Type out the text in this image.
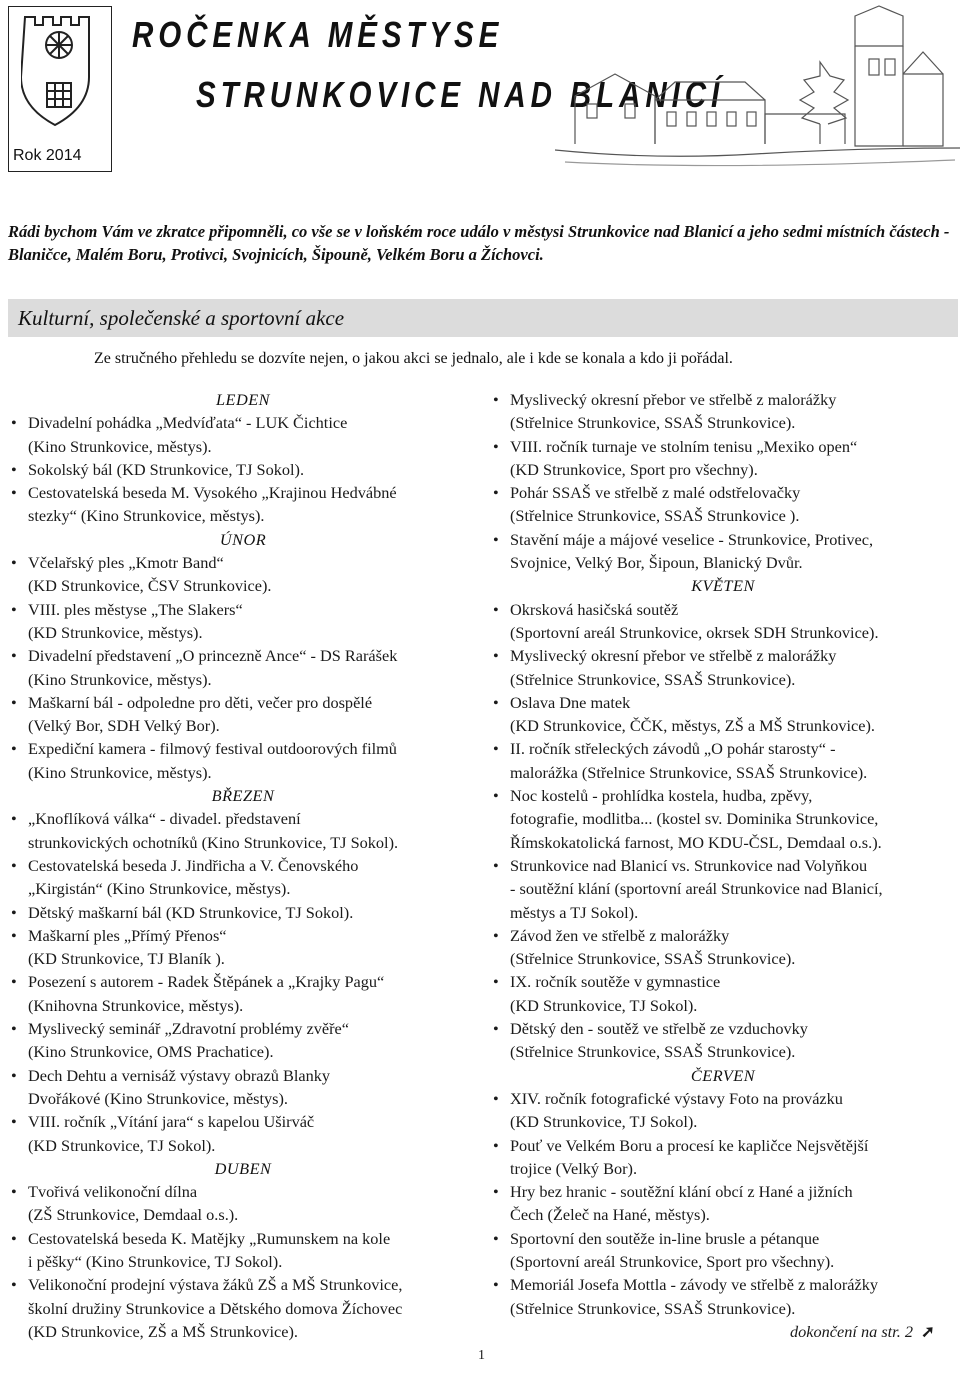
Rok 2014
ROČENKA MĚSTYSE
STRUNKOVICE NAD BLANICÍ
Rádi bychom Vám ve zkratce připomněli, co vše se v loňském roce událo v městysi Strunkovice nad Blanicí a jeho sedmi místních částech - Blaničce, Malém Boru, Protivci, Svojnicích, Šipouně, Velkém Boru a Žíchovci.
Kulturní, společenské a sportovní akce
Ze stručného přehledu se dozvíte nejen, o jakou akci se jednalo, ale i kde se konala a kdo ji pořádal.
LEDEN
• Divadelní pohádka „Medvíďata“ - LUK Čichtice
(Kino Strunkovice, městys).
• Sokolský bál (KD Strunkovice, TJ Sokol).
• Cestovatelská beseda M. Vysokého „Krajinou Hedvábné
stezky“ (Kino Strunkovice, městys).
ÚNOR
• Včelařský ples „Kmotr Band“
(KD Strunkovice, ČSV Strunkovice).
• VIII. ples městyse „The Slakers“
(KD Strunkovice, městys).
• Divadelní představení „O princezně Ance“ - DS Rarášek
(Kino Strunkovice, městys).
• Maškarní bál - odpoledne pro děti, večer pro dospělé
(Velký Bor, SDH Velký Bor).
• Expediční kamera - filmový festival outdoorových filmů
(Kino Strunkovice, městys).
BŘEZEN
• „Knoflíková válka“ - divadel. představení
strunkovických ochotníků (Kino Strunkovice, TJ Sokol).
• Cestovatelská beseda J. Jindřicha a V. Čenovského
„Kirgistán“ (Kino Strunkovice, městys).
• Dětský maškarní bál (KD Strunkovice, TJ Sokol).
• Maškarní ples „Přímý Přenos“
(KD Strunkovice, TJ Blaník ).
• Posezení s autorem - Radek Štěpánek a „Krajky Pagu“
(Knihovna Strunkovice, městys).
• Myslivecký seminář „Zdravotní problémy zvěře“
(Kino Strunkovice, OMS Prachatice).
• Dech Dehtu a vernisáž výstavy obrazů Blanky
Dvořákové (Kino Strunkovice, městys).
• VIII. ročník „Vítání jara“ s kapelou Uširváč
(KD Strunkovice, TJ Sokol).
DUBEN
• Tvořivá velikonoční dílna
(ZŠ Strunkovice, Demdaal o.s.).
• Cestovatelská beseda K. Matějky „Rumunskem na kole
i pěšky“ (Kino Strunkovice, TJ Sokol).
• Velikonoční prodejní výstava žáků ZŠ a MŠ Strunkovice,
školní družiny Strunkovice a Dětského domova Žíchovec
(KD Strunkovice, ZŠ a MŠ Strunkovice).
• Myslivecký okresní přebor ve střelbě z malorážky
(Střelnice Strunkovice, SSAŠ Strunkovice).
• VIII. ročník turnaje ve stolním tenisu „Mexiko open“
(KD Strunkovice, Sport pro všechny).
• Pohár SSAŠ ve střelbě z malé odstřelovačky
(Střelnice Strunkovice, SSAŠ Strunkovice ).
• Stavění máje a májové veselice - Strunkovice, Protivec,
Svojnice, Velký Bor, Šipoun, Blanický Dvůr.
KVĚTEN
• Okrsková hasičská soutěž
(Sportovní areál Strunkovice, okrsek SDH Strunkovice).
• Myslivecký okresní přebor ve střelbě z malorážky
(Střelnice Strunkovice, SSAŠ Strunkovice).
• Oslava Dne matek
(KD Strunkovice, ČČK, městys, ZŠ a MŠ Strunkovice).
• II. ročník střeleckých závodů „O pohár starosty“ -
malorážka (Střelnice Strunkovice, SSAŠ Strunkovice).
• Noc kostelů - prohlídka kostela, hudba, zpěvy,
fotografie, modlitba... (kostel sv. Dominika Strunkovice,
Římskokatolická farnost, MO KDU-ČSL, Demdaal o.s.).
• Strunkovice nad Blanicí vs. Strunkovice nad Volyňkou
- soutěžní klání (sportovní areál Strunkovice nad Blanicí,
městys a TJ Sokol).
• Závod žen ve střelbě z malorážky
(Střelnice Strunkovice, SSAŠ Strunkovice).
• IX. ročník soutěže v gymnastice
(KD Strunkovice, TJ Sokol).
• Dětský den - soutěž ve střelbě ze vzduchovky
(Střelnice Strunkovice, SSAŠ Strunkovice).
ČERVEN
• XIV. ročník fotografické výstavy Foto na provázku
(KD Strunkovice, TJ Sokol).
• Pouť ve Velkém Boru a procesí ke kapličce Nejsvětější
trojice (Velký Bor).
• Hry bez hranic - soutěžní klání obcí z Hané a jižních
Čech (Želeč na Hané, městys).
• Sportovní den soutěže in-line brusle a pétanque
(Sportovní areál Strunkovice, Sport pro všechny).
• Memoriál Josefa Mottla - závody ve střelbě z malorážky
(Střelnice Strunkovice, SSAŠ Strunkovice).
dokončení na str. 2 ➚
1
